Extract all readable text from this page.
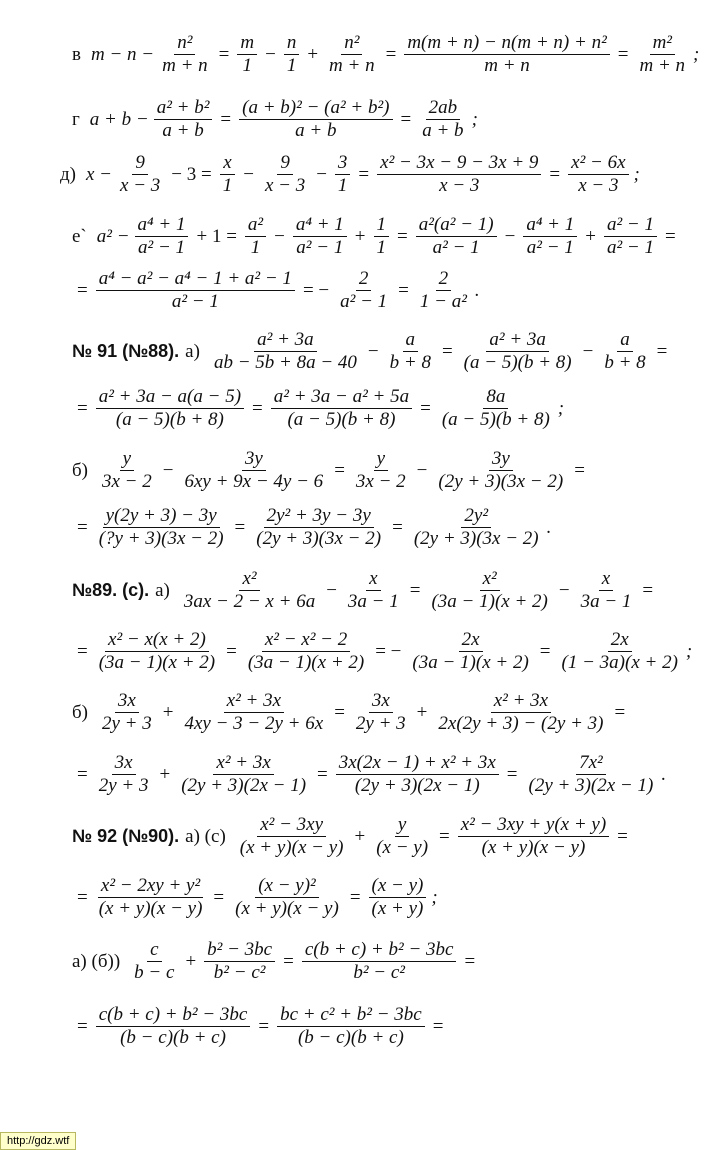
в $m - n - \frac{\text{n²}}{m + n} = \frac{m}{1} - \frac{n}{1} + \frac{\text{n²}}{m + n} = \frac{\text{m(m + n) − n(m + n) + n²}}{m + n} = \frac{\text{m²}}{m + n}$ ;
г $a + b - \frac{\text{a² + b²}}{a + b} = \frac{\text{(a + b)² − (a² + b²)}}{a + b} = \frac{2ab}{a + b}$ ;
д) $x - \frac{9}{x - 3} - 3 = \frac{x}{1} - \frac{9}{x - 3} - \frac{3}{1} = \frac{\text{x² − 3x − 9 − 3x + 9}}{x - 3} = \frac{\text{x² − 6x}}{x - 3}$ ;
е` $a^2 - \frac{\text{a⁴ + 1}}{\text{a² − 1}} + 1 = \frac{\text{a²}}{1} - \frac{\text{a⁴ + 1}}{\text{a² − 1}} + \frac{1}{1} = \frac{\text{a²(a² − 1)}}{\text{a² − 1}} - \frac{\text{a⁴ + 1}}{\text{a² − 1}} + \frac{\text{a² − 1}}{\text{a² − 1}}$ =
= $\frac{\text{a⁴ − a² − a⁴ − 1 + a² − 1}}{\text{a² − 1}}$ = − $\frac{2}{\text{a² − 1}} = \frac{2}{\text{1 − a²}}$ .
№ 91 (№88). $а) \frac{\text{a² + 3a}}{ab - 5b + 8a - 40} - \frac{a}{b + 8} = \frac{\text{a² + 3a}}{(a - 5)(b + 8)} - \frac{a}{b + 8}$ =
= $\frac{\text{a² + 3a − a(a − 5)}}{(a - 5)(b + 8)} = \frac{\text{a² + 3a − a² + 5a}}{(a - 5)(b + 8)} = \frac{8a}{(a - 5)(b + 8)}$ ;
$б) \frac{y}{3x - 2} - \frac{3y}{6xy + 9x - 4y - 6} = \frac{y}{3x - 2} - \frac{3y}{(2y + 3)(3x - 2)}$ =
= $\frac{y(2y + 3) - 3y}{(?y + 3)(3x - 2)} = \frac{\text{2y² + 3y − 3y}}{(2y + 3)(3x - 2)} = \frac{\text{2y²}}{(2y + 3)(3x - 2)}$ .
№89. (с). $а) \frac{\text{x²}}{3ax - 2 - x + 6a} - \frac{x}{3a - 1} = \frac{\text{x²}}{(3a - 1)(x + 2)} - \frac{x}{3a - 1}$ =
= $\frac{\text{x² − x(x + 2)}}{(3a - 1)(x + 2)} = \frac{\text{x² − x² − 2}}{(3a - 1)(x + 2)}$ = − $\frac{2x}{(3a - 1)(x + 2)} = \frac{2x}{(1 - 3a)(x + 2)}$ ;
$б) \frac{3x}{2y + 3} + \frac{\text{x² + 3x}}{4xy - 3 - 2y + 6x} = \frac{3x}{2y + 3} + \frac{\text{x² + 3x}}{2x(2y + 3) - (2y + 3)}$ =
= $\frac{3x}{2y + 3} + \frac{\text{x² + 3x}}{(2y + 3)(2x - 1)} = \frac{\text{3x(2x − 1) + x² + 3x}}{(2y + 3)(2x - 1)} = \frac{\text{7x²}}{(2y + 3)(2x - 1)}$ .
№ 92 (№90). а) $(с) \frac{\text{x² − 3xy}}{(x + y)(x - y)} + \frac{y}{(x - y)} = \frac{\text{x² − 3xy + y(x + y)}}{(x + y)(x - y)}$ =
= $\frac{\text{x² − 2xy + y²}}{(x + y)(x - y)} = \frac{\text{(x − y)²}}{(x + y)(x - y)} = \frac{(x - y)}{(x + y)}$ ;
а) $(б)) \frac{c}{b - c} + \frac{\text{b² − 3bc}}{\text{b² − c²}} = \frac{\text{c(b + c) + b² − 3bc}}{\text{b² − c²}}$ =
= $\frac{\text{c(b + c) + b² − 3bc}}{(b - c)(b + c)} = \frac{\text{bc + c² + b² − 3bc}}{(b - c)(b + c)}$ =
http://gdz.wtf
